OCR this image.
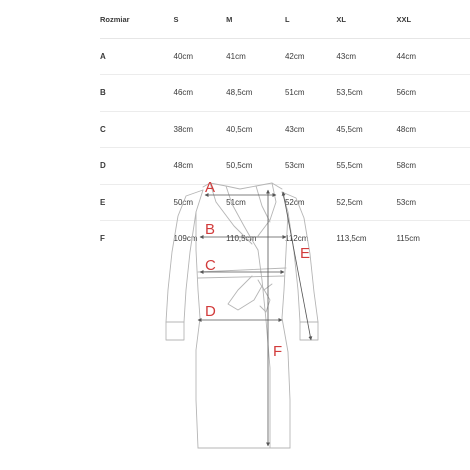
Rozmiar	S	M	L	XL	XXL
A	40cm	41cm	42cm	43cm	44cm
B	46cm	48,5cm	51cm	53,5cm	56cm
C	38cm	40,5cm	43cm	45,5cm	48cm
D	48cm	50,5cm	53cm	55,5cm	58cm
E	50cm	51cm	52cm	52,5cm	53cm
F	109cm	110,5cm	112cm	113,5cm	115cm
A
B
C
D
E
F
